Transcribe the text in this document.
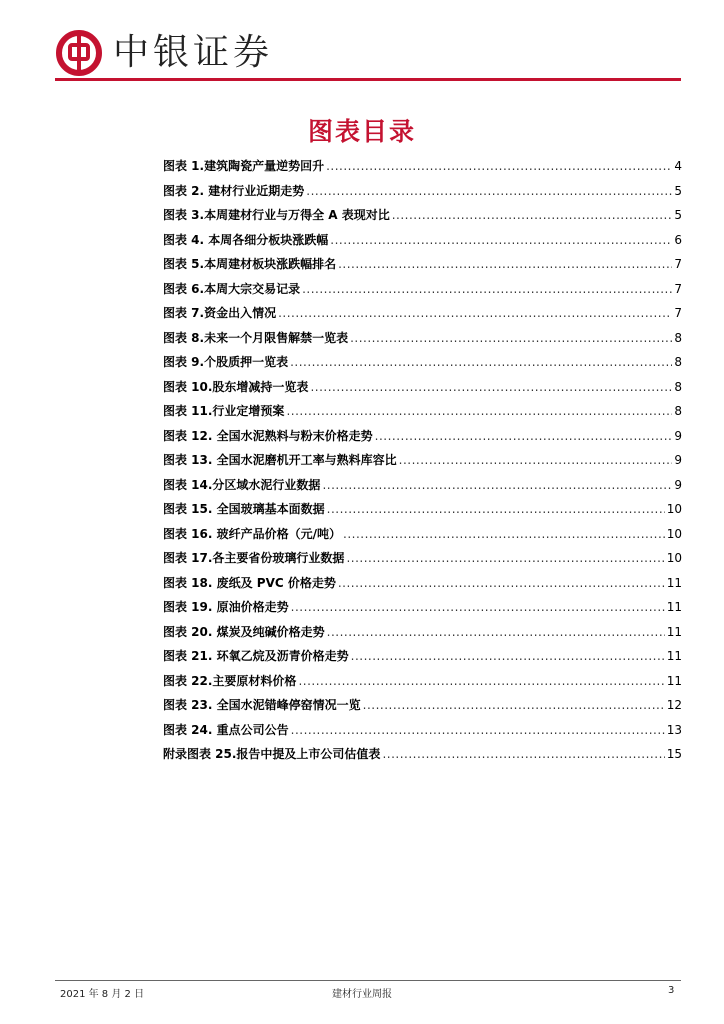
中银证券
图表目录
图表 1.建筑陶瓷产量逆势回升 .....	4
图表 2. 建材行业近期走势 .....	5
图表 3.本周建材行业与万得全 A 表现对比 .....	5
图表 4. 本周各细分板块涨跌幅 .....	6
图表 5.本周建材板块涨跌幅排名 .....	7
图表 6.本周大宗交易记录 .....	7
图表 7.资金出入情况 .....	7
图表 8.未来一个月限售解禁一览表 .....	8
图表 9.个股质押一览表 .....	8
图表 10.股东增减持一览表 .....	8
图表 11.行业定增预案 .....	8
图表 12. 全国水泥熟料与粉末价格走势 .....	9
图表 13. 全国水泥磨机开工率与熟料库容比 .....	9
图表 14.分区域水泥行业数据 .....	9
图表 15. 全国玻璃基本面数据 .....	10
图表 16. 玻纤产品价格（元/吨） .....	10
图表 17.各主要省份玻璃行业数据 .....	10
图表 18. 废纸及 PVC 价格走势 .....	11
图表 19. 原油价格走势 .....	11
图表 20. 煤炭及纯碱价格走势 .....	11
图表 21. 环氧乙烷及沥青价格走势 .....	11
图表 22.主要原材料价格 .....	11
图表 23. 全国水泥错峰停窑情况一览 .....	12
图表 24. 重点公司公告 .....	13
附录图表 25.报告中提及上市公司估值表 .....	15
2021 年 8 月 2 日	建材行业周报	3
